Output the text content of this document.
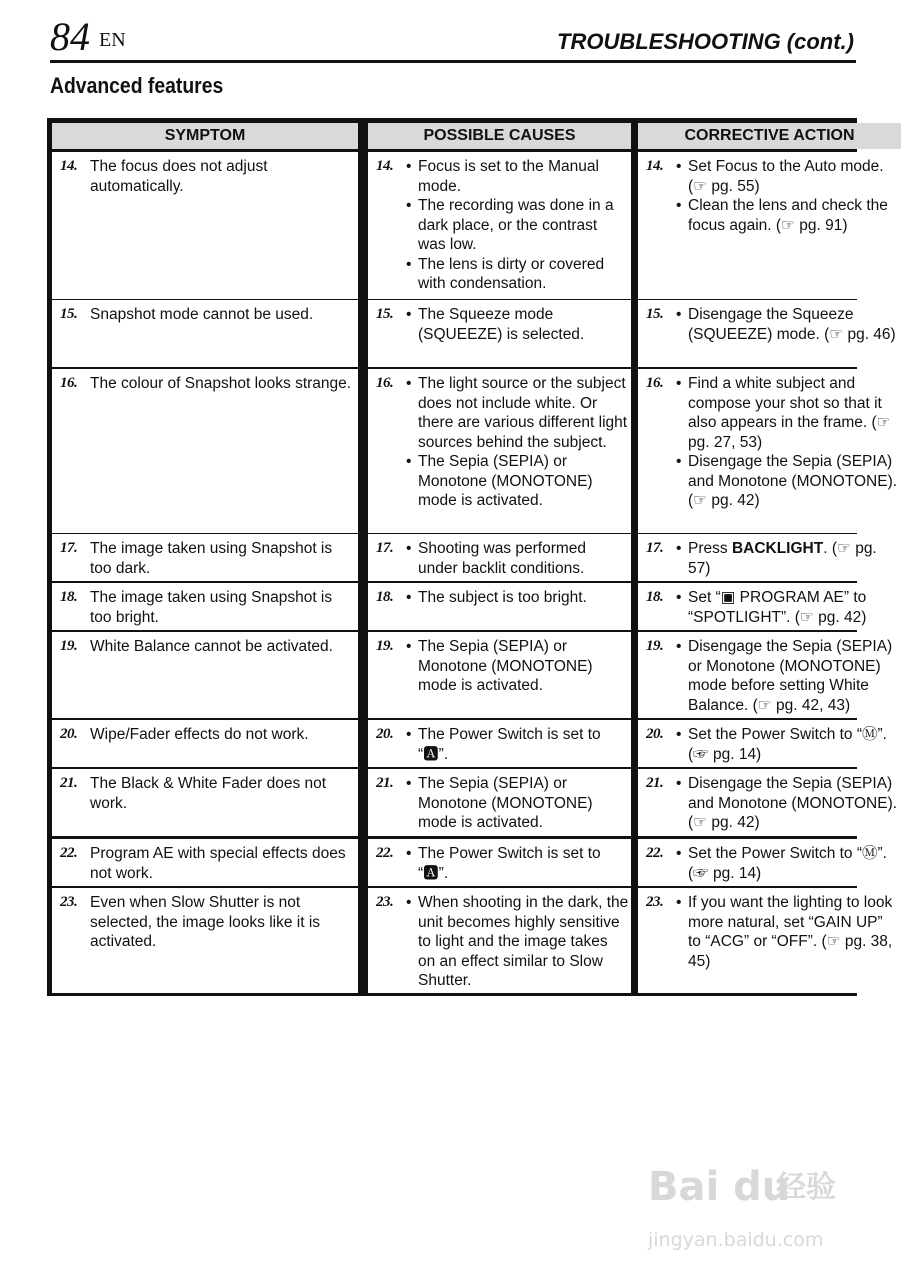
84 EN	TROUBLESHOOTING (cont.)
Advanced features
SYMPTOM	POSSIBLE CAUSES	CORRECTIVE ACTION
14. The focus does not adjust automatically.
14.	• Focus is set to the Manual mode.
• The recording was done in a dark place, or the contrast was low.
• The lens is dirty or covered with condensation.
14.	• Set Focus to the Auto mode. (☞ pg. 55)
• Clean the lens and check the focus again. (☞ pg. 91)
15. Snapshot mode cannot be used.	15.	• The Squeeze mode (SQUEEZE) is selected.
15.	• Disengage the Squeeze (SQUEEZE) mode. (☞ pg. 46)
16. The colour of Snapshot looks strange.	16.	• The light source or the subject does not include white. Or there are various different light sources behind the subject.
• The Sepia (SEPIA) or Monotone (MONOTONE) mode is activated.
16.	• Find a white subject and compose your shot so that it also appears in the frame. (☞ pg. 27, 53)
• Disengage the Sepia (SEPIA) and Monotone (MONOTONE). (☞ pg. 42)
17. The image taken using Snapshot is too dark.
17.	• Shooting was performed under backlit conditions.
17.	• Press BACKLIGHT. (☞ pg. 57)
18. The image taken using Snapshot is too bright.
18.	• The subject is too bright.	18.	• Set “▣ PROGRAM AE” to “SPOTLIGHT”. (☞ pg. 42)
19. White Balance cannot be activated.	19.	• The Sepia (SEPIA) or Monotone (MONOTONE) mode is activated.
19.	• Disengage the Sepia (SEPIA) or Monotone (MONOTONE) mode before setting White Balance. (☞ pg. 42, 43)
20. Wipe/Fader effects do not work.	20.	• The Power Switch is set to “🅰”.
20.	• Set the Power Switch to “Ⓜ”. (☞ pg. 14)
21. The Black & White Fader does not work.
21.	• The Sepia (SEPIA) or Monotone (MONOTONE) mode is activated.
21.	• Disengage the Sepia (SEPIA) and Monotone (MONOTONE). (☞ pg. 42)
22. Program AE with special effects does not work.
22.	• The Power Switch is set to “🅰”.
22.	• Set the Power Switch to “Ⓜ”. (☞ pg. 14)
23. Even when Slow Shutter is not selected, the image looks like it is activated.
23.	• When shooting in the dark, the unit becomes highly sensitive to light and the image takes on an effect similar to Slow Shutter.
23.	• If you want the lighting to look more natural, set “GAIN UP” to “ACG” or “OFF”. (☞ pg. 38, 45)
Bai du
经验
jingyan.baidu.com
